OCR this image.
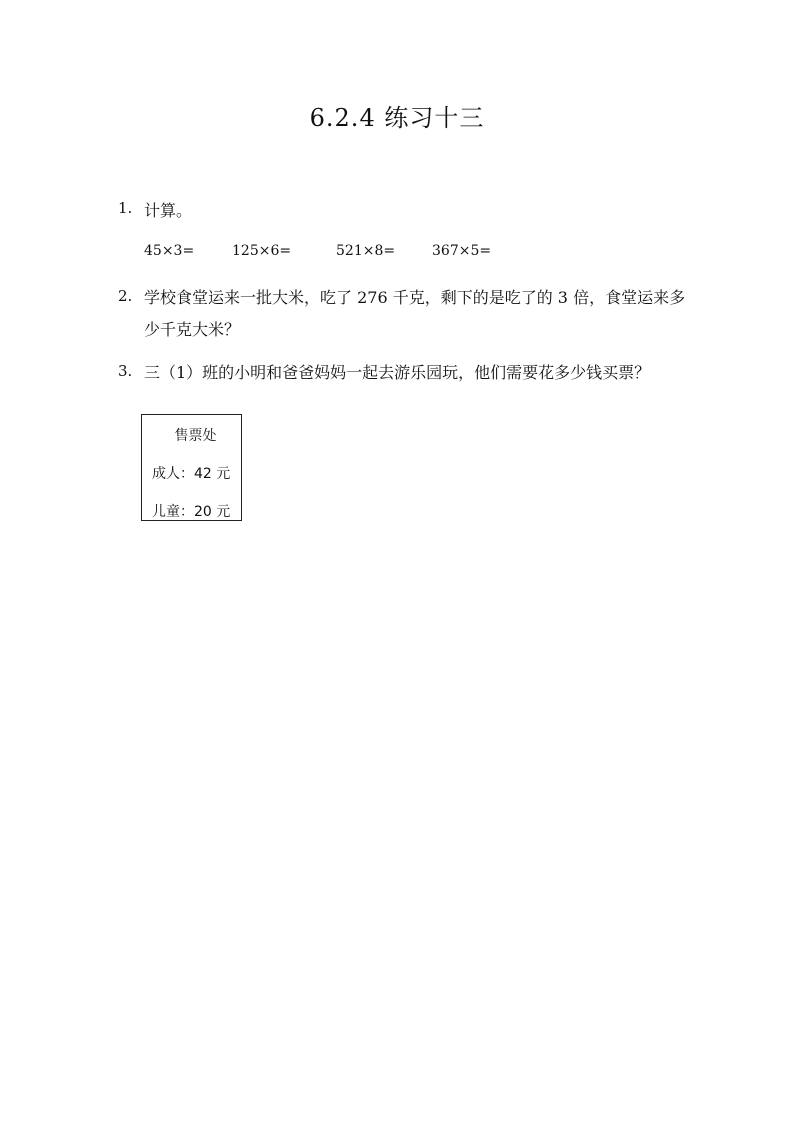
6.2.4 练习十三
1. 计算。
45×3=	125×6=	521×8=	367×5=
2. 学校食堂运来一批大米，吃了 276 千克，剩下的是吃了的 3 倍，食堂运来多
少千克大米？
3. 三（1）班的小明和爸爸妈妈一起去游乐园玩，他们需要花多少钱买票？
售票处
成人：42 元
儿童：20 元
